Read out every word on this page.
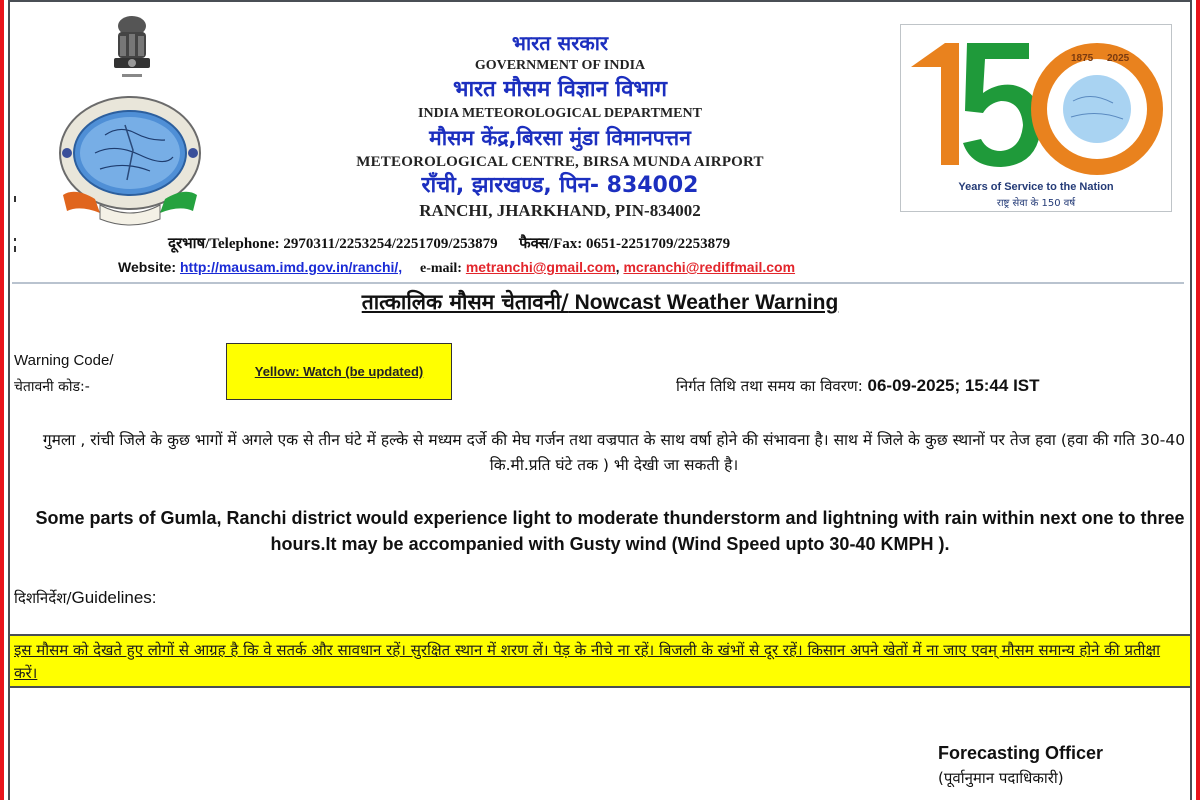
भारत सरकार
GOVERNMENT OF INDIA
भारत मौसम विज्ञान विभाग
INDIA METEOROLOGICAL DEPARTMENT
मौसम केंद्र,बिरसा मुंडा विमानपत्तन
METEOROLOGICAL CENTRE, BIRSA MUNDA AIRPORT
राँची, झारखण्ड, पिन- 834002
RANCHI, JHARKHAND, PIN-834002
1875 2025
Years of Service to the Nation
राष्ट्र सेवा के 150 वर्ष
दूरभाष/Telephone: 2970311/2253254/2251709/253879 फैक्स/Fax: 0651-2251709/2253879
Website: http://mausam.imd.gov.in/ranchi/, e-mail: metranchi@gmail.com, mcranchi@rediffmail.com
तात्कालिक मौसम चेतावनी/ Nowcast Weather Warning
Warning Code/
चेतावनी कोड:-
Yellow: Watch (be updated)
निर्गत तिथि तथा समय का विवरण: 06-09-2025; 15:44 IST
गुमला , रांची जिले के कुछ भागों में अगले एक से तीन घंटे में हल्के से मध्यम दर्जे की मेघ गर्जन तथा वज्रपात के साथ वर्षा होने की संभावना है। साथ में जिले के कुछ स्थानों पर तेज हवा (हवा की गति 30-40 कि.मी.प्रति घंटे तक ) भी देखी जा सकती है।
Some parts of Gumla, Ranchi district would experience light to moderate thunderstorm and lightning with rain within next one to three hours.It may be accompanied with Gusty wind (Wind Speed upto 30-40 KMPH ).
दिशनिर्देश/Guidelines:
इस मौसम को देखते हुए लोगों से आग्रह है कि वे सतर्क और सावधान रहें। सुरक्षित स्थान में शरण लें। पेड़ के नीचे ना रहें। बिजली के खंभों से दूर रहें। किसान अपने खेतों में ना जाए एवम् मौसम समान्य होने की प्रतीक्षा करें।
Forecasting Officer
(पूर्वानुमान पदाधिकारी)
